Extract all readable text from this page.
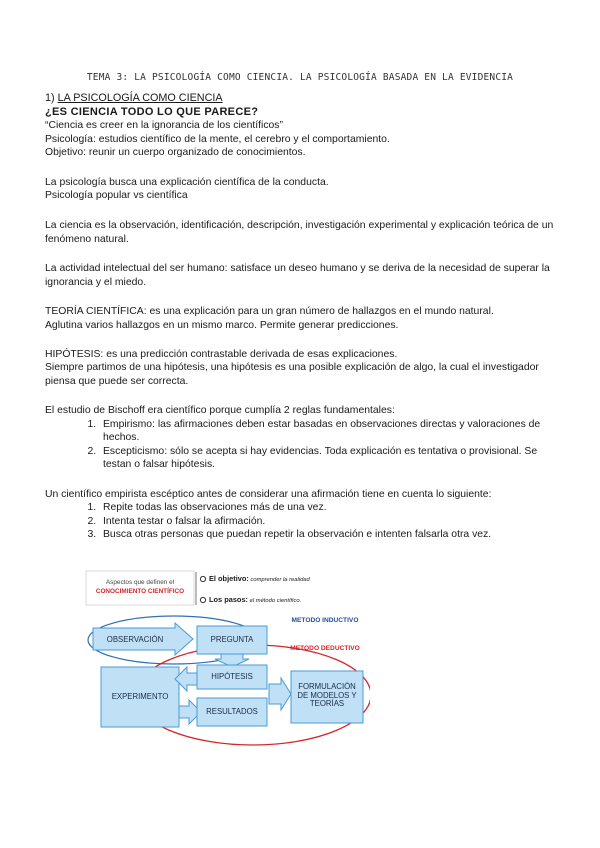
TEMA 3: LA PSICOLOGÍA COMO CIENCIA. LA PSICOLOGÍA BASADA EN LA EVIDENCIA

1) LA PSICOLOGÍA COMO CIENCIA

¿ES CIENCIA TODO LO QUE PARECE?

“Ciencia es creer en la ignorancia de los científicos”

Psicología: estudios científico de la mente, el cerebro y el comportamiento.

Objetivo: reunir un cuerpo organizado de conocimientos.

La psicología busca una explicación científica de la conducta.

Psicología popular vs científica

La ciencia es la observación, identificación, descripción, investigación experimental y explicación teórica de un fenómeno natural.

La actividad intelectual del ser humano: satisface un deseo humano y se deriva de la necesidad de superar la ignorancia y el miedo.

TEORÍA CIENTÍFICA: es una explicación para un gran número de hallazgos en el mundo natural.

Aglutina varios hallazgos en un mismo marco. Permite generar predicciones.

HIPÓTESIS: es una predicción contrastable derivada de esas explicaciones.

Siempre partimos de una hipótesis, una hipótesis es una posible explicación de algo, la cual el investigador piensa que puede ser correcta.

El estudio de Bischoff era científico porque cumplía 2 reglas fundamentales:

1. Empirismo: las afirmaciones deben estar basadas en observaciones directas y valoraciones de hechos.
2. Escepticismo: sólo se acepta si hay evidencias. Toda explicación es tentativa o provisional. Se testan o falsar hipótesis.

Un científico empirista escéptico antes de considerar una afirmación tiene en cuenta lo siguiente:

1. Repite todas las observaciones más de una vez.
2. Intenta testar o falsar la afirmación.
3. Busca otras personas que puedan repetir la observación e intenten falsarla otra vez.
Aspectos que definen el
CONOCIMIENTO CIENTÍFICO
El objetivo: comprender la realidad
Los pasos: el método científico.
METODO INDUCTIVO
METODO DEDUCTIVO
OBSERVACIÓN	PREGUNTA
EXPERIMENTO
HIPÓTESIS
RESULTADOS
FORMULACIÓN DE MODELOS Y TEORÍAS
